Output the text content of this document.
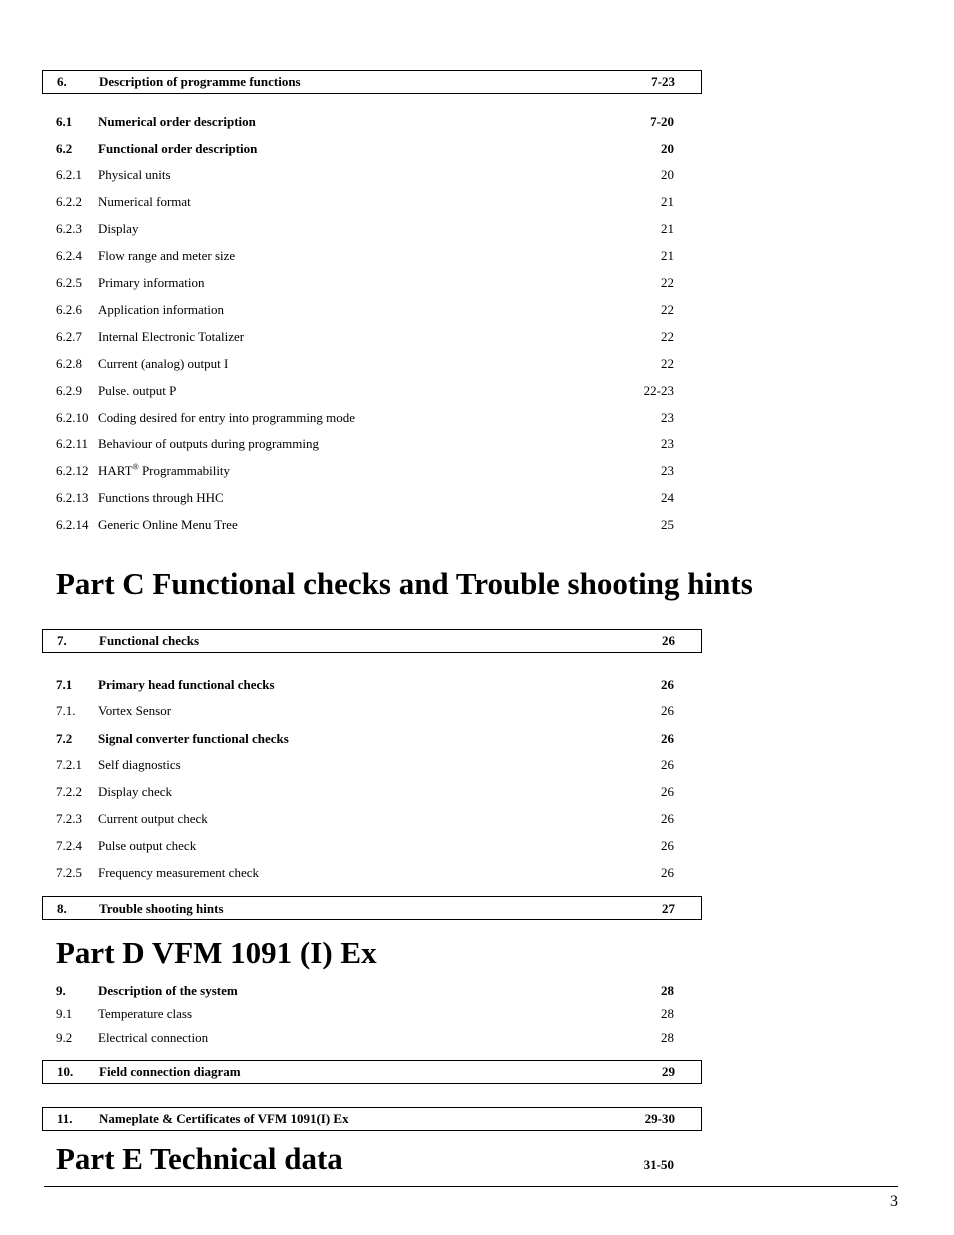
6. Description of programme functions	7-23
6.1 Numerical order description	7-20
6.2 Functional order description	20
6.2.1 Physical units	20
6.2.2 Numerical format	21
6.2.3 Display	21
6.2.4 Flow range and meter size	21
6.2.5 Primary information	22
6.2.6 Application information	22
6.2.7 Internal Electronic Totalizer	22
6.2.8 Current (analog) output I	22
6.2.9 Pulse. output P	22-23
6.2.10 Coding desired for entry into programming mode	23
6.2.11 Behaviour of outputs during programming	23
6.2.12 HART® Programmability	23
6.2.13 Functions through HHC	24
6.2.14 Generic Online Menu Tree	25
Part C Functional checks and Trouble shooting hints
7. Functional checks	26
7.1 Primary head functional checks	26
7.1. Vortex Sensor	26
7.2 Signal converter functional checks	26
7.2.1 Self diagnostics	26
7.2.2 Display check	26
7.2.3 Current output check	26
7.2.4 Pulse output check	26
7.2.5 Frequency measurement check	26
8. Trouble shooting hints	27
Part D VFM 1091 (I) Ex
9. Description of the system	28
9.1 Temperature class	28
9.2 Electrical connection	28
10. Field connection diagram	29
11. Nameplate & Certificates of VFM 1091(I) Ex	29-30
Part E Technical data	31-50
3
